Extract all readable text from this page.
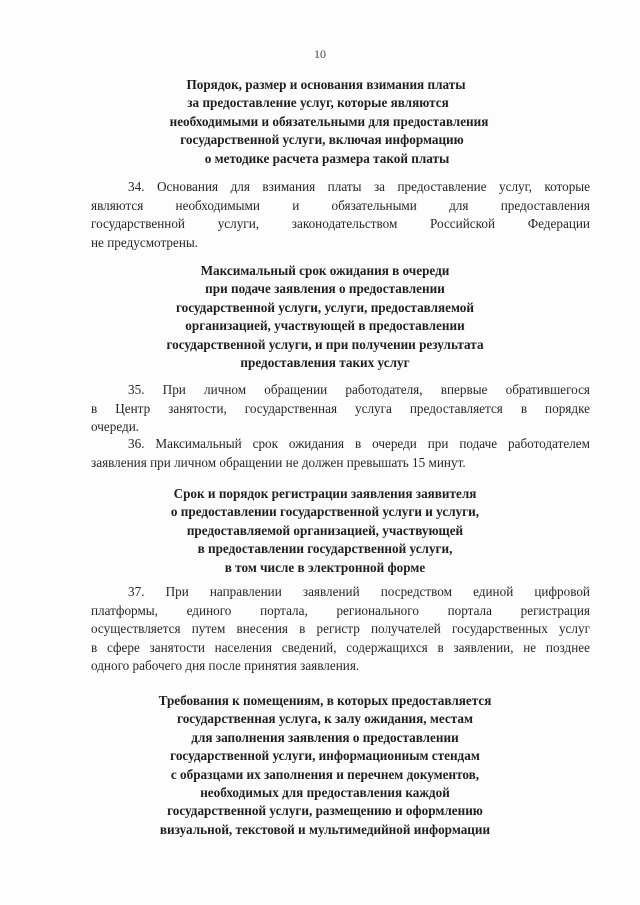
10
Порядок, размер и основания взимания платы
за предоставление услуг, которые являются
необходимыми и обязательными для предоставления
государственной услуги, включая информацию
о методике расчета размера такой платы
34. Основания для взимания платы за предоставление услуг, которые
являются необходимыми и обязательными для предоставления
государственной услуги, законодательством Российской Федерации
не предусмотрены.
Максимальный срок ожидания в очереди
при подаче заявления о предоставлении
государственной услуги, услуги, предоставляемой
организацией, участвующей в предоставлении
государственной услуги, и при получении результата
предоставления таких услуг
35. При личном обращении работодателя, впервые обратившегося
в Центр занятости, государственная услуга предоставляется в порядке
очереди.
36. Максимальный срок ожидания в очереди при подаче работодателем
заявления при личном обращении не должен превышать 15 минут.
Срок и порядок регистрации заявления заявителя
о предоставлении государственной услуги и услуги,
предоставляемой организацией, участвующей
в предоставлении государственной услуги,
в том числе в электронной форме
37. При направлении заявлений посредством единой цифровой
платформы, единого портала, регионального портала регистрация
осуществляется путем внесения в регистр получателей государственных услуг
в сфере занятости населения сведений, содержащихся в заявлении, не позднее
одного рабочего дня после принятия заявления.
Требования к помещениям, в которых предоставляется
государственная услуга, к залу ожидания, местам
для заполнения заявления о предоставлении
государственной услуги, информационным стендам
с образцами их заполнения и перечнем документов,
необходимых для предоставления каждой
государственной услуги, размещению и оформлению
визуальной, текстовой и мультимедийной информации
